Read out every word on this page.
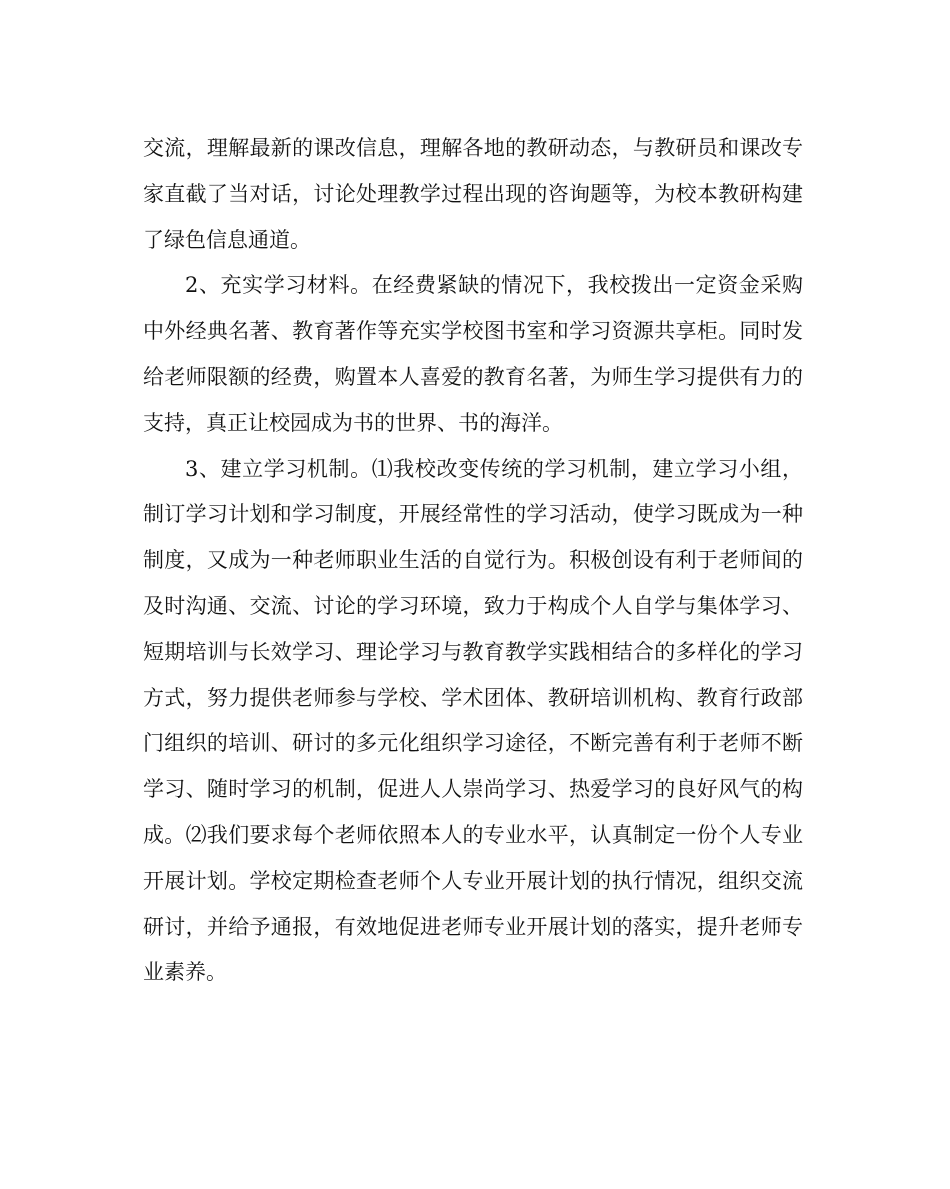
交流，理解最新的课改信息，理解各地的教研动态，与教研员和课改专家直截了当对话，讨论处理教学过程出现的咨询题等，为校本教研构建了绿色信息通道。

2、充实学习材料。在经费紧缺的情况下，我校拨出一定资金采购中外经典名著、教育著作等充实学校图书室和学习资源共享柜。同时发给老师限额的经费，购置本人喜爱的教育名著，为师生学习提供有力的支持，真正让校园成为书的世界、书的海洋。

3、建立学习机制。⑴我校改变传统的学习机制，建立学习小组，制订学习计划和学习制度，开展经常性的学习活动，使学习既成为一种制度，又成为一种老师职业生活的自觉行为。积极创设有利于老师间的及时沟通、交流、讨论的学习环境，致力于构成个人自学与集体学习、短期培训与长效学习、理论学习与教育教学实践相结合的多样化的学习方式，努力提供老师参与学校、学术团体、教研培训机构、教育行政部门组织的培训、研讨的多元化组织学习途径，不断完善有利于老师不断学习、随时学习的机制，促进人人崇尚学习、热爱学习的良好风气的构成。⑵我们要求每个老师依照本人的专业水平，认真制定一份个人专业开展计划。学校定期检查老师个人专业开展计划的执行情况，组织交流研讨，并给予通报，有效地促进老师专业开展计划的落实，提升老师专业素养。
